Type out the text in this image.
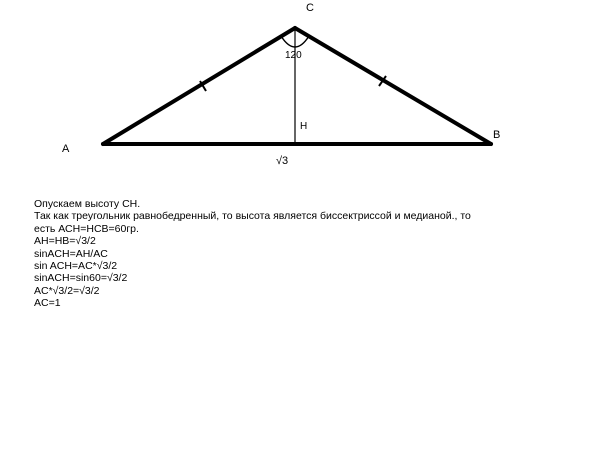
C
120
H
A
B
√3
Опускаем высоту СН.
Так как треугольник равнобедренный, то высота является биссектриссой и медианой., то
есть АСН=НСВ=60гр.
АН=НВ=√3/2
sinACH=AH/AC
sin ACH=AC*√3/2
sinACH=sin60=√3/2
AC*√3/2=√3/2
AC=1
